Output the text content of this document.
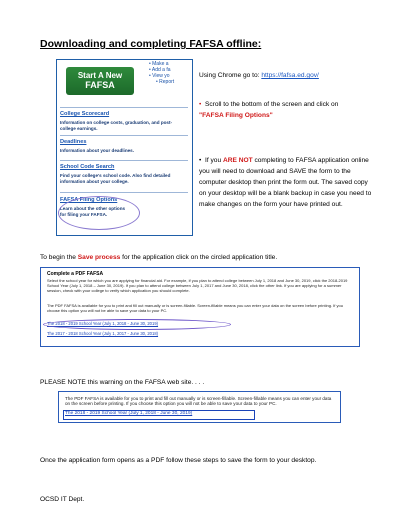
Downloading and completing FAFSA offline:
Start A New
FAFSA
• Make a
• Add a fa
• View yo
• Report
College Scorecard
Information on college costs, graduation, and post-college earnings.
Deadlines
Information about your deadlines.
School Code Search
Find your college's school code. Also find detailed information about your college.
FAFSA Filing Options
Learn about the other options for filing your FAFSA.
Using Chrome go to: https://fafsa.ed.gov/
• Scroll to the bottom of the screen and click on
"FAFSA Filing Options"
• If you ARE NOT completing to FAFSA application online you will need to download and SAVE the form to the computer desktop then print the form out. The saved copy on your desktop will be a blank backup in case you need to make changes on the form your have printed out.
To begin the Save process for the application click on the circled application title.
Complete a PDF FAFSA
Select the school year for which you are applying for financial aid. For example, if you plan to attend college between July 1, 2018 and June 30, 2019, click the 2018-2019 School Year (July 1, 2018 – June 30, 2019). If you plan to attend college between July 1, 2017 and June 30, 2018, click the other link. If you are applying for a summer session, check with your college to verify which application you should complete.
The PDF FAFSA is available for you to print and fill out manually or is screen-fillable. Screen-fillable means you can enter your data on the screen before printing. If you choose this option you will not be able to save your data to your PC.
The 2018 - 2019 School Year (July 1, 2018 - June 30, 2019)
The 2017 - 2018 School Year (July 1, 2017 - June 30, 2018)
PLEASE NOTE this warning on the FAFSA web site. . . .
The PDF FAFSA is available for you to print and fill out manually or is screen-fillable. Screen-fillable means you can enter your data on the screen before printing. If you choose this option you will not be able to save your data to your PC.
The 2018 - 2019 School Year (July 1, 2018 - June 30, 2019)
Once the application form opens as a PDF follow these steps to save the form to your desktop.
OCSD IT Dept.
